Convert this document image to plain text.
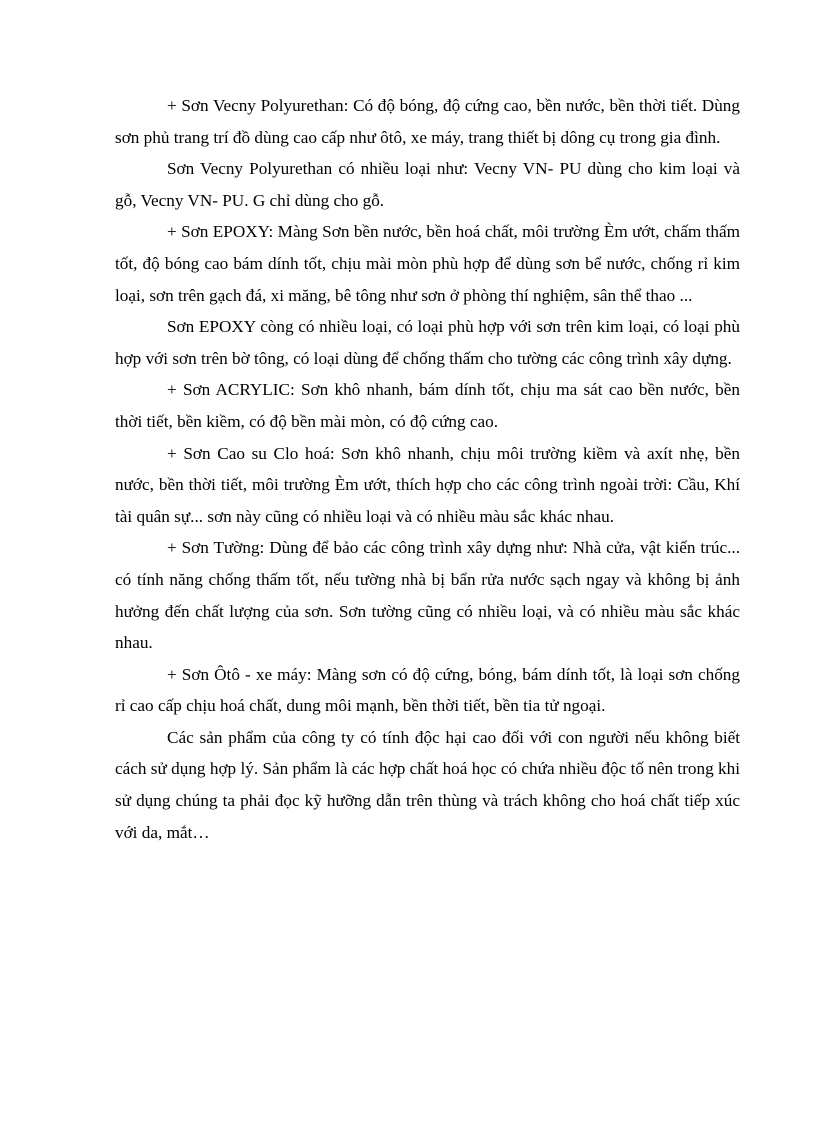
+ Sơn Vecny Polyurethan: Có độ bóng, độ cứng cao, bền nước, bền thời tiết. Dùng sơn phủ trang trí đồ dùng cao cấp như ôtô, xe máy, trang thiết bị dông cụ trong gia đình.

Sơn Vecny Polyurethan có nhiều loại như: Vecny VN- PU dùng cho kim loại và gỗ, Vecny VN- PU. G chỉ dùng cho gỗ.

+ Sơn EPOXY: Màng Sơn bền nước, bền hoá chất, môi trường Èm ướt, chấm thấm tốt, độ bóng cao bám dính tốt, chịu mài mòn phù hợp để dùng sơn bể nước, chống rỉ kim loại, sơn trên gạch đá, xi măng, bê tông như sơn ở phòng thí nghiệm, sân thể thao ...

Sơn EPOXY còng có nhiều loại, có loại phù hợp với sơn trên kim loại, có loại phù hợp với sơn trên bờ tông, có loại dùng để chống thấm cho tường các công trình xây dựng.

+ Sơn ACRYLIC: Sơn khô nhanh, bám dính tốt, chịu ma sát cao bền nước, bền thời tiết, bền kiềm, có độ bền mài mòn, có độ cứng cao.

+ Sơn Cao su Clo hoá: Sơn khô nhanh, chịu môi trường kiềm và axít nhẹ, bền nước, bền thời tiết, môi trường Èm ướt, thích hợp cho các công trình ngoài trời: Cầu, Khí tài quân sự... sơn này cũng có nhiều loại và có nhiều màu sắc khác nhau.

+ Sơn Tường: Dùng để bảo các công trình xây dựng như: Nhà cửa, vật kiến trúc... có tính năng chống thấm tốt, nếu tường nhà bị bẩn rửa nước sạch ngay và không bị ảnh hưởng đến chất lượng của sơn. Sơn tường cũng có nhiều loại, và có nhiều màu sắc khác nhau.

+ Sơn Ôtô - xe máy: Màng sơn có độ cứng, bóng, bám dính tốt, là loại sơn chống rỉ cao cấp chịu hoá chất, dung môi mạnh, bền thời tiết, bền tia tử ngoại.

Các sản phẩm của công ty có tính độc hại cao đối với con người nếu không biết cách sử dụng hợp lý. Sản phẩm là các hợp chất hoá học có chứa nhiều độc tố nên trong khi sử dụng chúng ta phải đọc kỹ hưỡng dẫn trên thùng và trách không cho hoá chất tiếp xúc với da, mắt…
